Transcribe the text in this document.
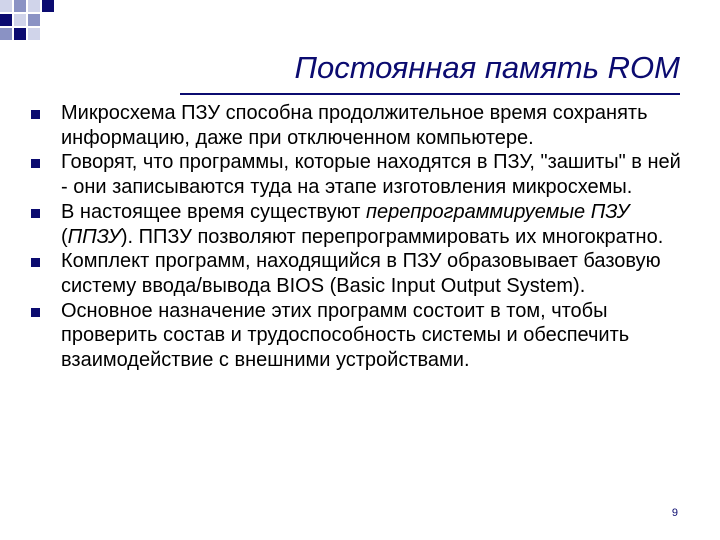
Постоянная память ROM
Микросхема ПЗУ способна продолжительное время сохранять информацию, даже при отключенном компьютере.
Говорят, что программы, которые находятся в ПЗУ, "зашиты" в ней - они записываются туда на этапе изготовления микросхемы.
В настоящее время существуют перепрограммируемые ПЗУ (ППЗУ). ППЗУ позволяют перепрограммировать их многократно.
Комплект программ, находящийся в ПЗУ образовывает базовую систему ввода/вывода BIOS (Basic Input Output System).
Основное назначение этих программ состоит в том, чтобы проверить состав и трудоспособность системы и обеспечить взаимодействие с внешними устройствами.
9
